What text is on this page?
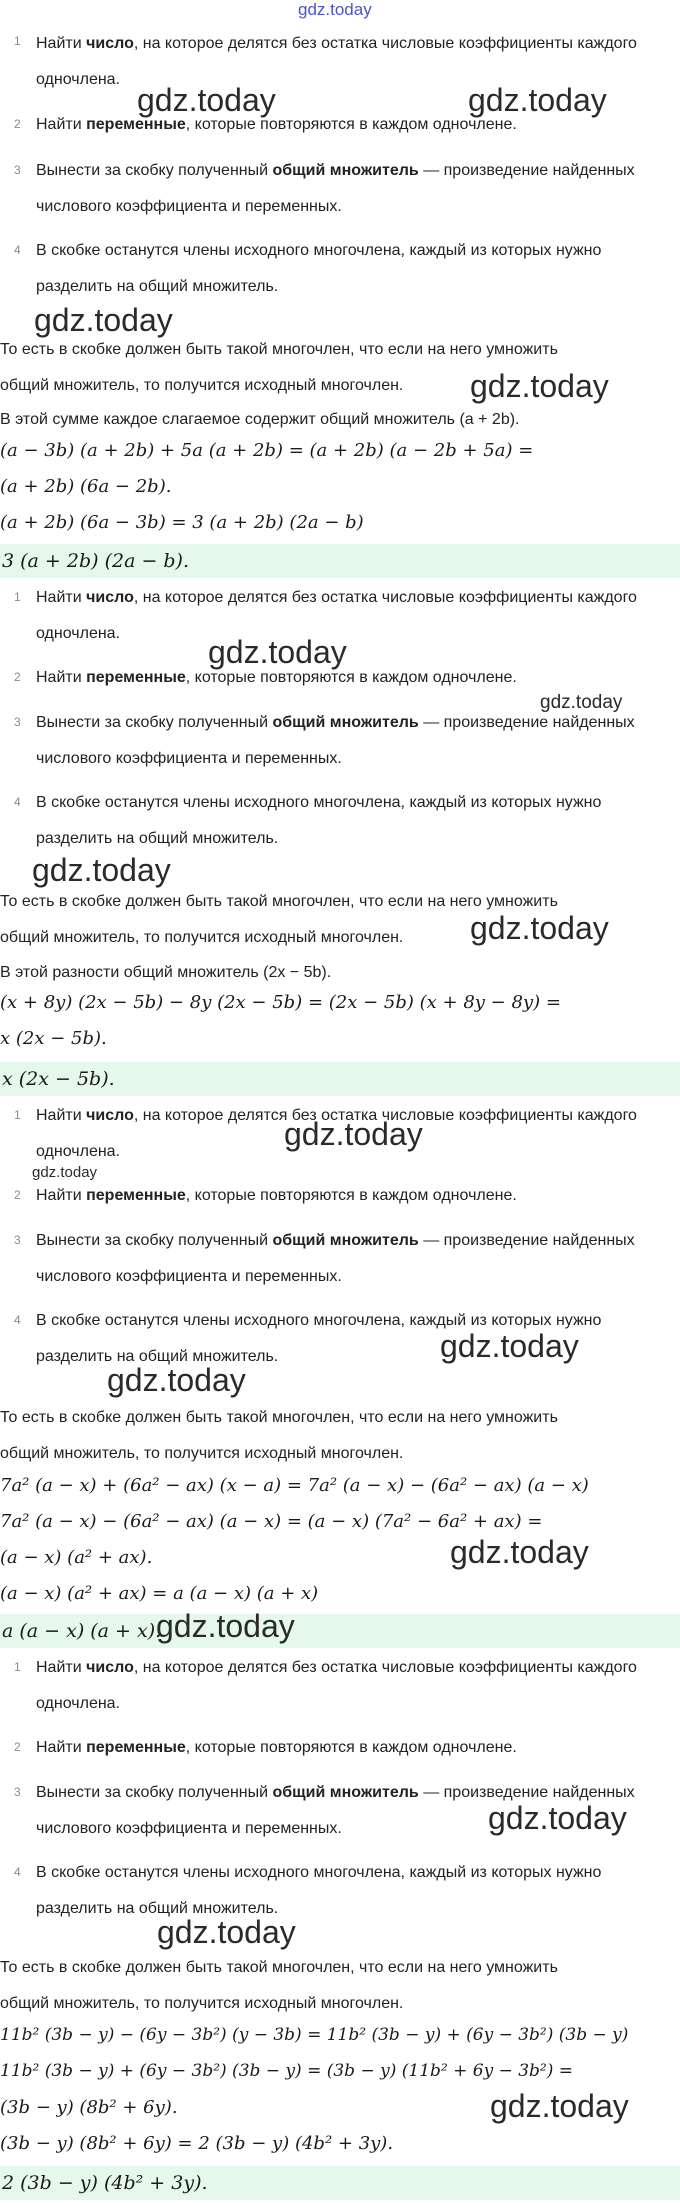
gdz.today
1 Найти число, на которое делятся без остатка числовые коэффициенты каждого одночлена.
2 Найти переменные, которые повторяются в каждом одночлене.
3 Вынести за скобку полученный общий множитель — произведение найденных числового коэффициента и переменных.
4 В скобке останутся члены исходного многочлена, каждый из которых нужно разделить на общий множитель.
gdz.today	gdz.today
gdz.today
То есть в скобке должен быть такой многочлен, что если на него умножить
общий множитель, то получится исходный многочлен.	gdz.today
В этой сумме каждое слагаемое содержит общий множитель (a + 2b).
(a − 3b) (a + 2b) + 5a (a + 2b) = (a + 2b) (a − 2b + 5a) =
(a + 2b) (6a − 2b).
(a + 2b) (6a − 3b) = 3 (a + 2b) (2a − b)
3 (a + 2b) (2a − b).
1 Найти число, на которое делятся без остатка числовые коэффициенты каждого одночлена.
2 Найти переменные, которые повторяются в каждом одночлене.
3 Вынести за скобку полученный общий множитель — произведение найденных числового коэффициента и переменных.
4 В скобке останутся члены исходного многочлена, каждый из которых нужно разделить на общий множитель.
gdz.today
gdz.today
gdz.today
То есть в скобке должен быть такой многочлен, что если на него умножить
общий множитель, то получится исходный многочлен.	gdz.today
В этой разности общий множитель (2x − 5b).
(x + 8y) (2x − 5b) − 8y (2x − 5b) = (2x − 5b) (x + 8y − 8y) =
x (2x − 5b).
x (2x − 5b).
1 Найти число, на которое делятся без остатка числовые коэффициенты каждого одночлена.
2 Найти переменные, которые повторяются в каждом одночлене.
3 Вынести за скобку полученный общий множитель — произведение найденных числового коэффициента и переменных.
4 В скобке останутся члены исходного многочлена, каждый из которых нужно разделить на общий множитель.
gdz.today
gdz.today
gdz.today
gdz.today
То есть в скобке должен быть такой многочлен, что если на него умножить
общий множитель, то получится исходный многочлен.
7a² (a − x) + (6a² − ax) (x − a) = 7a² (a − x) − (6a² − ax) (a − x)
7a² (a − x) − (6a² − ax) (a − x) = (a − x) (7a² − 6a² + ax) =
(a − x) (a² + ax).	gdz.today
(a − x) (a² + ax) = a (a − x) (a + x)
a (a − x) (a + x).
gdz.today
1 Найти число, на которое делятся без остатка числовые коэффициенты каждого одночлена.
2 Найти переменные, которые повторяются в каждом одночлене.
3 Вынести за скобку полученный общий множитель — произведение найденных числового коэффициента и переменных.
4 В скобке останутся члены исходного многочлена, каждый из которых нужно разделить на общий множитель.
gdz.today
gdz.today
То есть в скобке должен быть такой многочлен, что если на него умножить
общий множитель, то получится исходный многочлен.
11b² (3b − y) − (6y − 3b²) (y − 3b) = 11b² (3b − y) + (6y − 3b²) (3b − y)
11b² (3b − y) + (6y − 3b²) (3b − y) = (3b − y) (11b² + 6y − 3b²) =
(3b − y) (8b² + 6y).	gdz.today
(3b − y) (8b² + 6y) = 2 (3b − y) (4b² + 3y).
2 (3b − y) (4b² + 3y).
